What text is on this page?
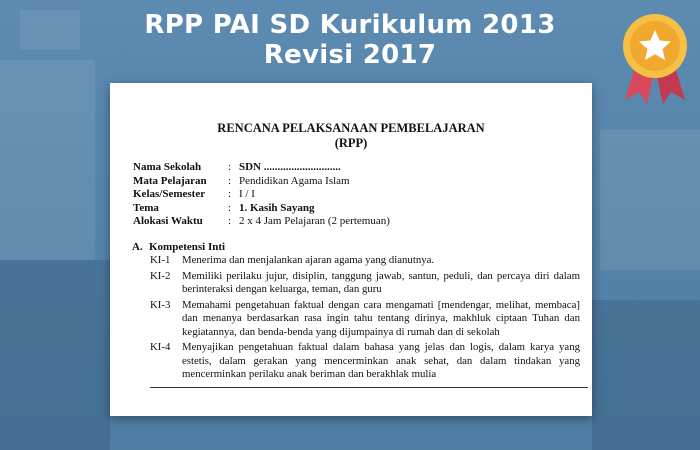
RPP PAI SD Kurikulum 2013
Revisi 2017
RENCANA PELAKSANAAN PEMBELAJARAN
(RPP)
Nama Sekolah	: SDN ............................
Mata Pelajaran	: Pendidikan Agama Islam
Kelas/Semester	: I / I
Tema	: 1. Kasih Sayang
Alokasi Waktu	: 2 x 4 Jam Pelajaran (2 pertemuan)
A. Kompetensi Inti
KI-1	Menerima dan menjalankan ajaran agama yang dianutnya.
KI-2	Memiliki perilaku jujur, disiplin, tanggung jawab, santun, peduli, dan percaya diri dalam berinteraksi dengan keluarga, teman, dan guru
KI-3	Memahami pengetahuan faktual dengan cara mengamati [mendengar, melihat, membaca] dan menanya berdasarkan rasa ingin tahu tentang dirinya, makhluk ciptaan Tuhan dan kegiatannya, dan benda-benda yang dijumpainya di rumah dan di sekolah
KI-4	Menyajikan pengetahuan faktual dalam bahasa yang jelas dan logis, dalam karya yang estetis, dalam gerakan yang mencerminkan anak sehat, dan dalam tindakan yang mencerminkan perilaku anak beriman dan berakhlak mulia
